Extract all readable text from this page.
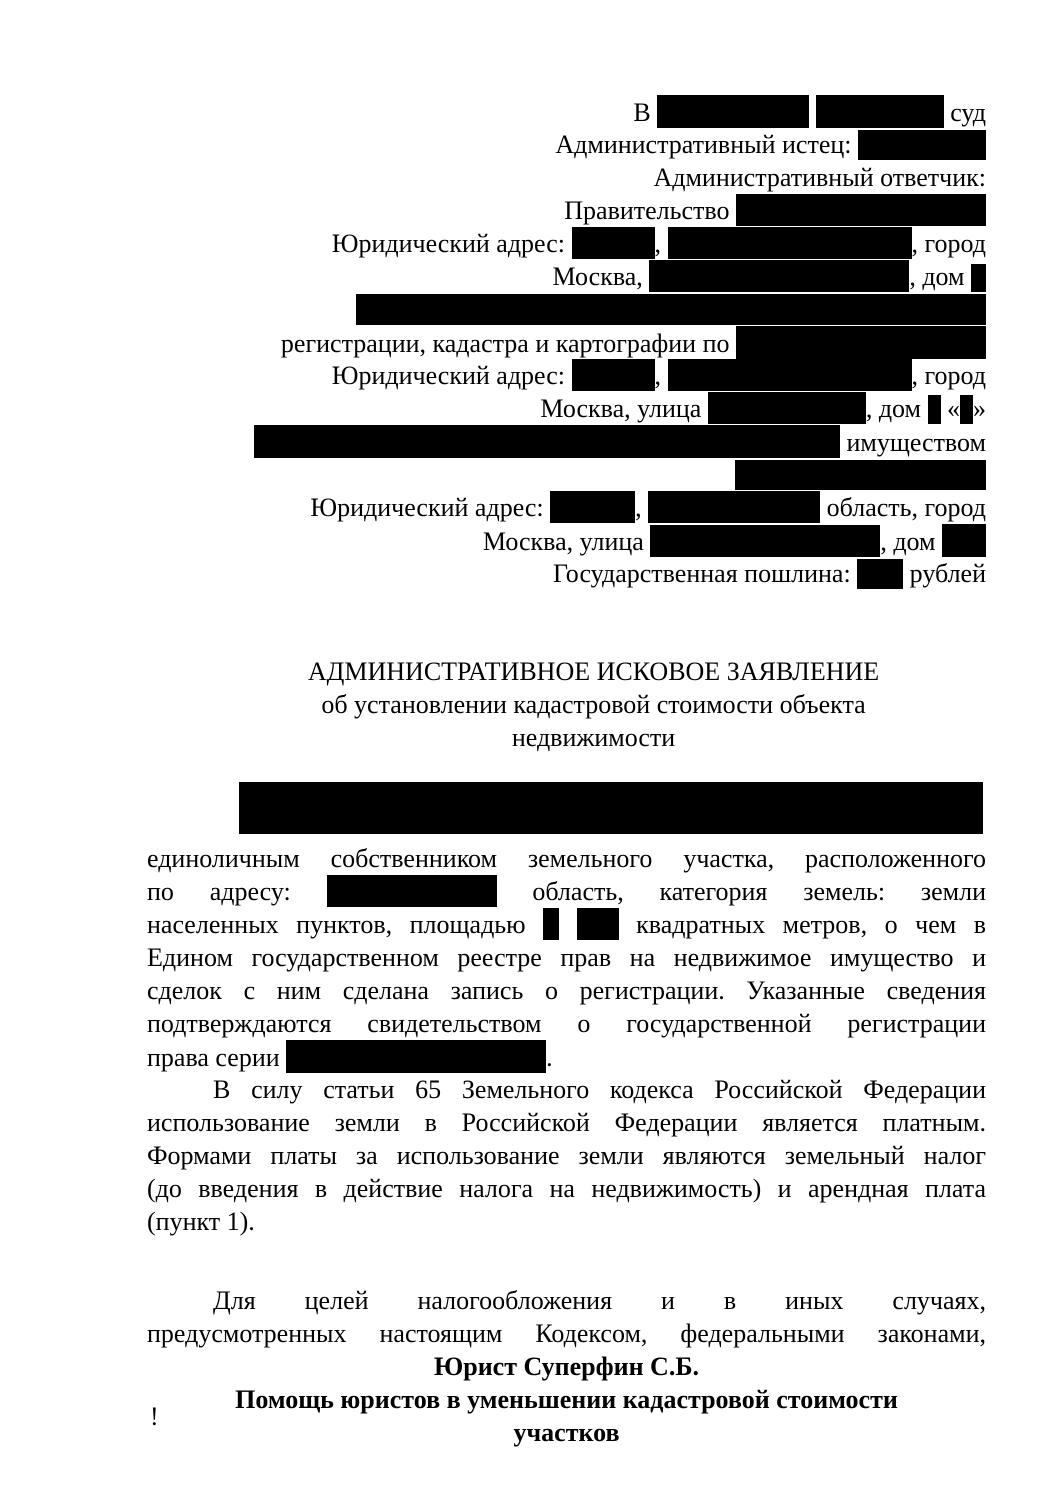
В	суд
Административный истец:
Административный ответчик:
Правительство
Юридический адрес:	,	, город
Москва,	, дом
регистрации, кадастра и картографии по
Юридический адрес:	,	, город
Москва, улица	, дом  « »
имуществом
Юридический адрес:	,	область, город
Москва, улица	, дом
Государственная пошлина:  рублей
АДМИНИСТРАТИВНОЕ ИСКОВОЕ ЗАЯВЛЕНИЕ
об установлении кадастровой стоимости объекта
недвижимости
единоличным собственником земельного участка, расположенного
по адресу:	область, категория земель: земли
населенных пунктов, площадью	квадратных метров, о чем в
Едином государственном реестре прав на недвижимое имущество и
сделок с ним сделана запись о регистрации. Указанные сведения
подтверждаются свидетельством о государственной регистрации
права серии	.
В силу статьи 65 Земельного кодекса Российской Федерации
использование земли в Российской Федерации является платным.
Формами платы за использование земли являются земельный налог
(до введения в действие налога на недвижимость) и арендная плата
(пункт 1).
Для целей налогообложения и в иных случаях,
предусмотренных настоящим Кодексом, федеральными законами,
Юрист Суперфин С.Б.
Помощь юристов в уменьшении кадастровой стоимости
участков
!
